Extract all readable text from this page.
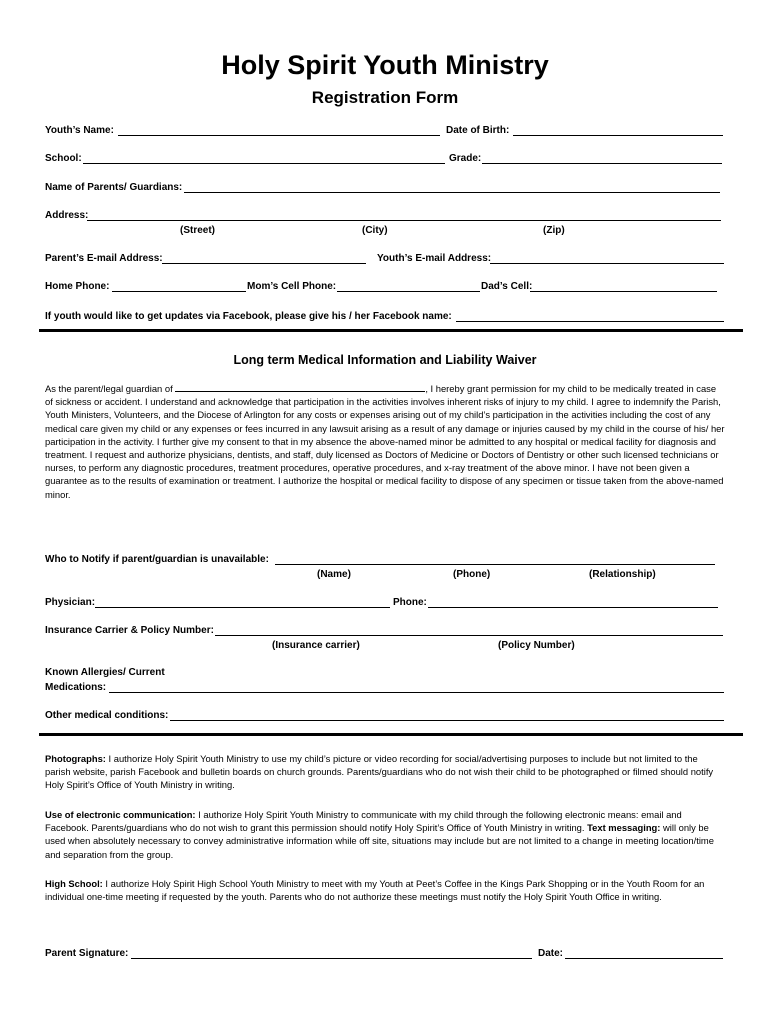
Holy Spirit Youth Ministry
Registration Form
Youth’s Name:	Date of Birth:
School:	Grade:
Name of Parents/ Guardians:
Address:
(Street)	(City)	(Zip)
Parent’s E-mail Address:	Youth’s E-mail Address:
Home Phone:	Mom’s Cell Phone:	Dad’s Cell:
If youth would like to get updates via Facebook, please give his / her Facebook name:
Long term Medical Information and Liability Waiver
As the parent/legal guardian of	, I hereby grant permission for my child to be medically treated in case of sickness or accident. I understand and acknowledge that participation in the activities involves inherent risks of injury to my child. I agree to indemnify the Parish, Youth Ministers, Volunteers, and the Diocese of Arlington for any costs or expenses arising out of my child’s participation in the activities including the cost of any medical care given my child or any expenses or fees incurred in any lawsuit arising as a result of any damage or injuries caused by my child in the course of his/ her participation in the activity. I further give my consent to that in my absence the above-named minor be admitted to any hospital or medical facility for diagnosis and treatment. I request and authorize physicians, dentists, and staff, duly licensed as Doctors of Medicine or Doctors of Dentistry or other such licensed technicians or nurses, to perform any diagnostic procedures, treatment procedures, operative procedures, and x-ray treatment of the above minor. I have not been given a guarantee as to the results of examination or treatment. I authorize the hospital or medical facility to dispose of any specimen or tissue taken from the above-named minor.
Who to Notify if parent/guardian is unavailable:
(Name)	(Phone)	(Relationship)
Physician:	Phone:
Insurance Carrier & Policy Number:
(Insurance carrier)	(Policy Number)
Known Allergies/ Current
Medications:
Other medical conditions:
Photographs: I authorize Holy Spirit Youth Ministry to use my child’s picture or video recording for social/advertising purposes to include but not limited to the parish website, parish Facebook and bulletin boards on church grounds. Parents/guardians who do not wish their child to be photographed or filmed should notify Holy Spirit’s Office of Youth Ministry in writing.
Use of electronic communication: I authorize Holy Spirit Youth Ministry to communicate with my child through the following electronic means: email and Facebook. Parents/guardians who do not wish to grant this permission should notify Holy Spirit’s Office of Youth Ministry in writing. Text messaging: will only be used when absolutely necessary to convey administrative information while off site, situations may include but are not limited to a change in meeting location/time and separation from the group.
High School: I authorize Holy Spirit High School Youth Ministry to meet with my Youth at Peet’s Coffee in the Kings Park Shopping or in the Youth Room for an individual one-time meeting if requested by the youth. Parents who do not authorize these meetings must notify the Holy Spirit Youth Office in writing.
Parent Signature:	Date:
